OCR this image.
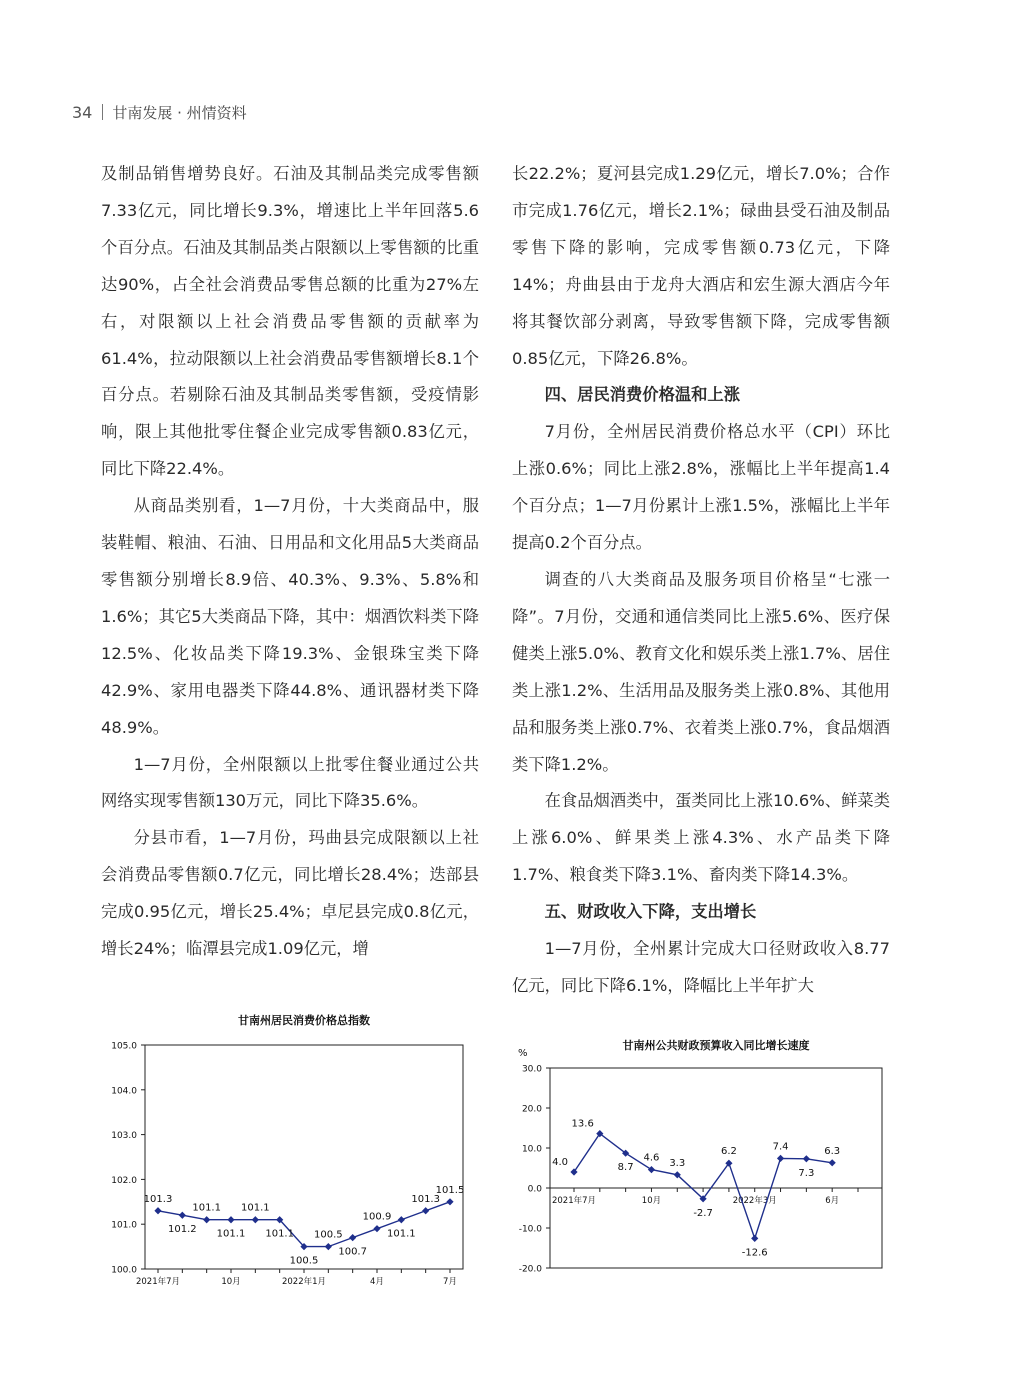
34 甘南发展 · 州情资料

及制品销售增势良好。石油及其制品类完成零售额7.33亿元，同比增长9.3%，增速比上半年回落5.6个百分点。石油及其制品类占限额以上零售额的比重达90%，占全社会消费品零售总额的比重为27%左右，对限额以上社会消费品零售额的贡献率为61.4%，拉动限额以上社会消费品零售额增长8.1个百分点。若剔除石油及其制品类零售额，受疫情影响，限上其他批零住餐企业完成零售额0.83亿元，同比下降22.4%。

从商品类别看，1—7月份，十大类商品中，服装鞋帽、粮油、石油、日用品和文化用品5大类商品零售额分别增长8.9倍、40.3%、9.3%、5.8%和1.6%；其它5大类商品下降，其中：烟酒饮料类下降12.5%、化妆品类下降19.3%、金银珠宝类下降42.9%、家用电器类下降44.8%、通讯器材类下降48.9%。

1—7月份，全州限额以上批零住餐业通过公共网络实现零售额130万元，同比下降35.6%。

分县市看，1—7月份，玛曲县完成限额以上社会消费品零售额0.7亿元，同比增长28.4%；迭部县完成0.95亿元，增长25.4%；卓尼县完成0.8亿元，增长24%；临潭县完成1.09亿元，增

长22.2%；夏河县完成1.29亿元，增长7.0%；合作市完成1.76亿元，增长2.1%；碌曲县受石油及制品零售下降的影响，完成零售额0.73亿元，下降14%；舟曲县由于龙舟大酒店和宏生源大酒店今年将其餐饮部分剥离，导致零售额下降，完成零售额0.85亿元，下降26.8%。

四、居民消费价格温和上涨

7月份，全州居民消费价格总水平（CPI）环比上涨0.6%；同比上涨2.8%，涨幅比上半年提高1.4个百分点；1—7月份累计上涨1.5%，涨幅比上半年提高0.2个百分点。

调查的八大类商品及服务项目价格呈“七涨一降”。7月份，交通和通信类同比上涨5.6%、医疗保健类上涨5.0%、教育文化和娱乐类上涨1.7%、居住类上涨1.2%、生活用品及服务类上涨0.8%、其他用品和服务类上涨0.7%、衣着类上涨0.7%，食品烟酒类下降1.2%。

在食品烟酒类中，蛋类同比上涨10.6%、鲜菜类上涨6.0%、鲜果类上涨4.3%、水产品类下降1.7%、粮食类下降3.1%、畜肉类下降14.3%。

五、财政收入下降，支出增长

1—7月份，全州累计完成大口径财政收入8.77亿元，同比下降6.1%，降幅比上半年扩大

甘南州居民消费价格总指数
100.0
101.0
102.0
103.0
104.0
105.0
2021年7月	10月	2022年1月	4月	7月
101.3
101.2
101.1
101.1
101.1
101.1
100.5
100.5
100.7
100.9
101.1
101.3
101.5
甘南州公共财政预算收入同比增长速度
%
-20.0
-10.0
0.0
10.0
20.0
30.0
2021年7月	10月	2022年3月	6月
4.0
13.6
8.7
4.6 3.3
-2.7
6.2
-12.6
7.4
7.3
6.3
